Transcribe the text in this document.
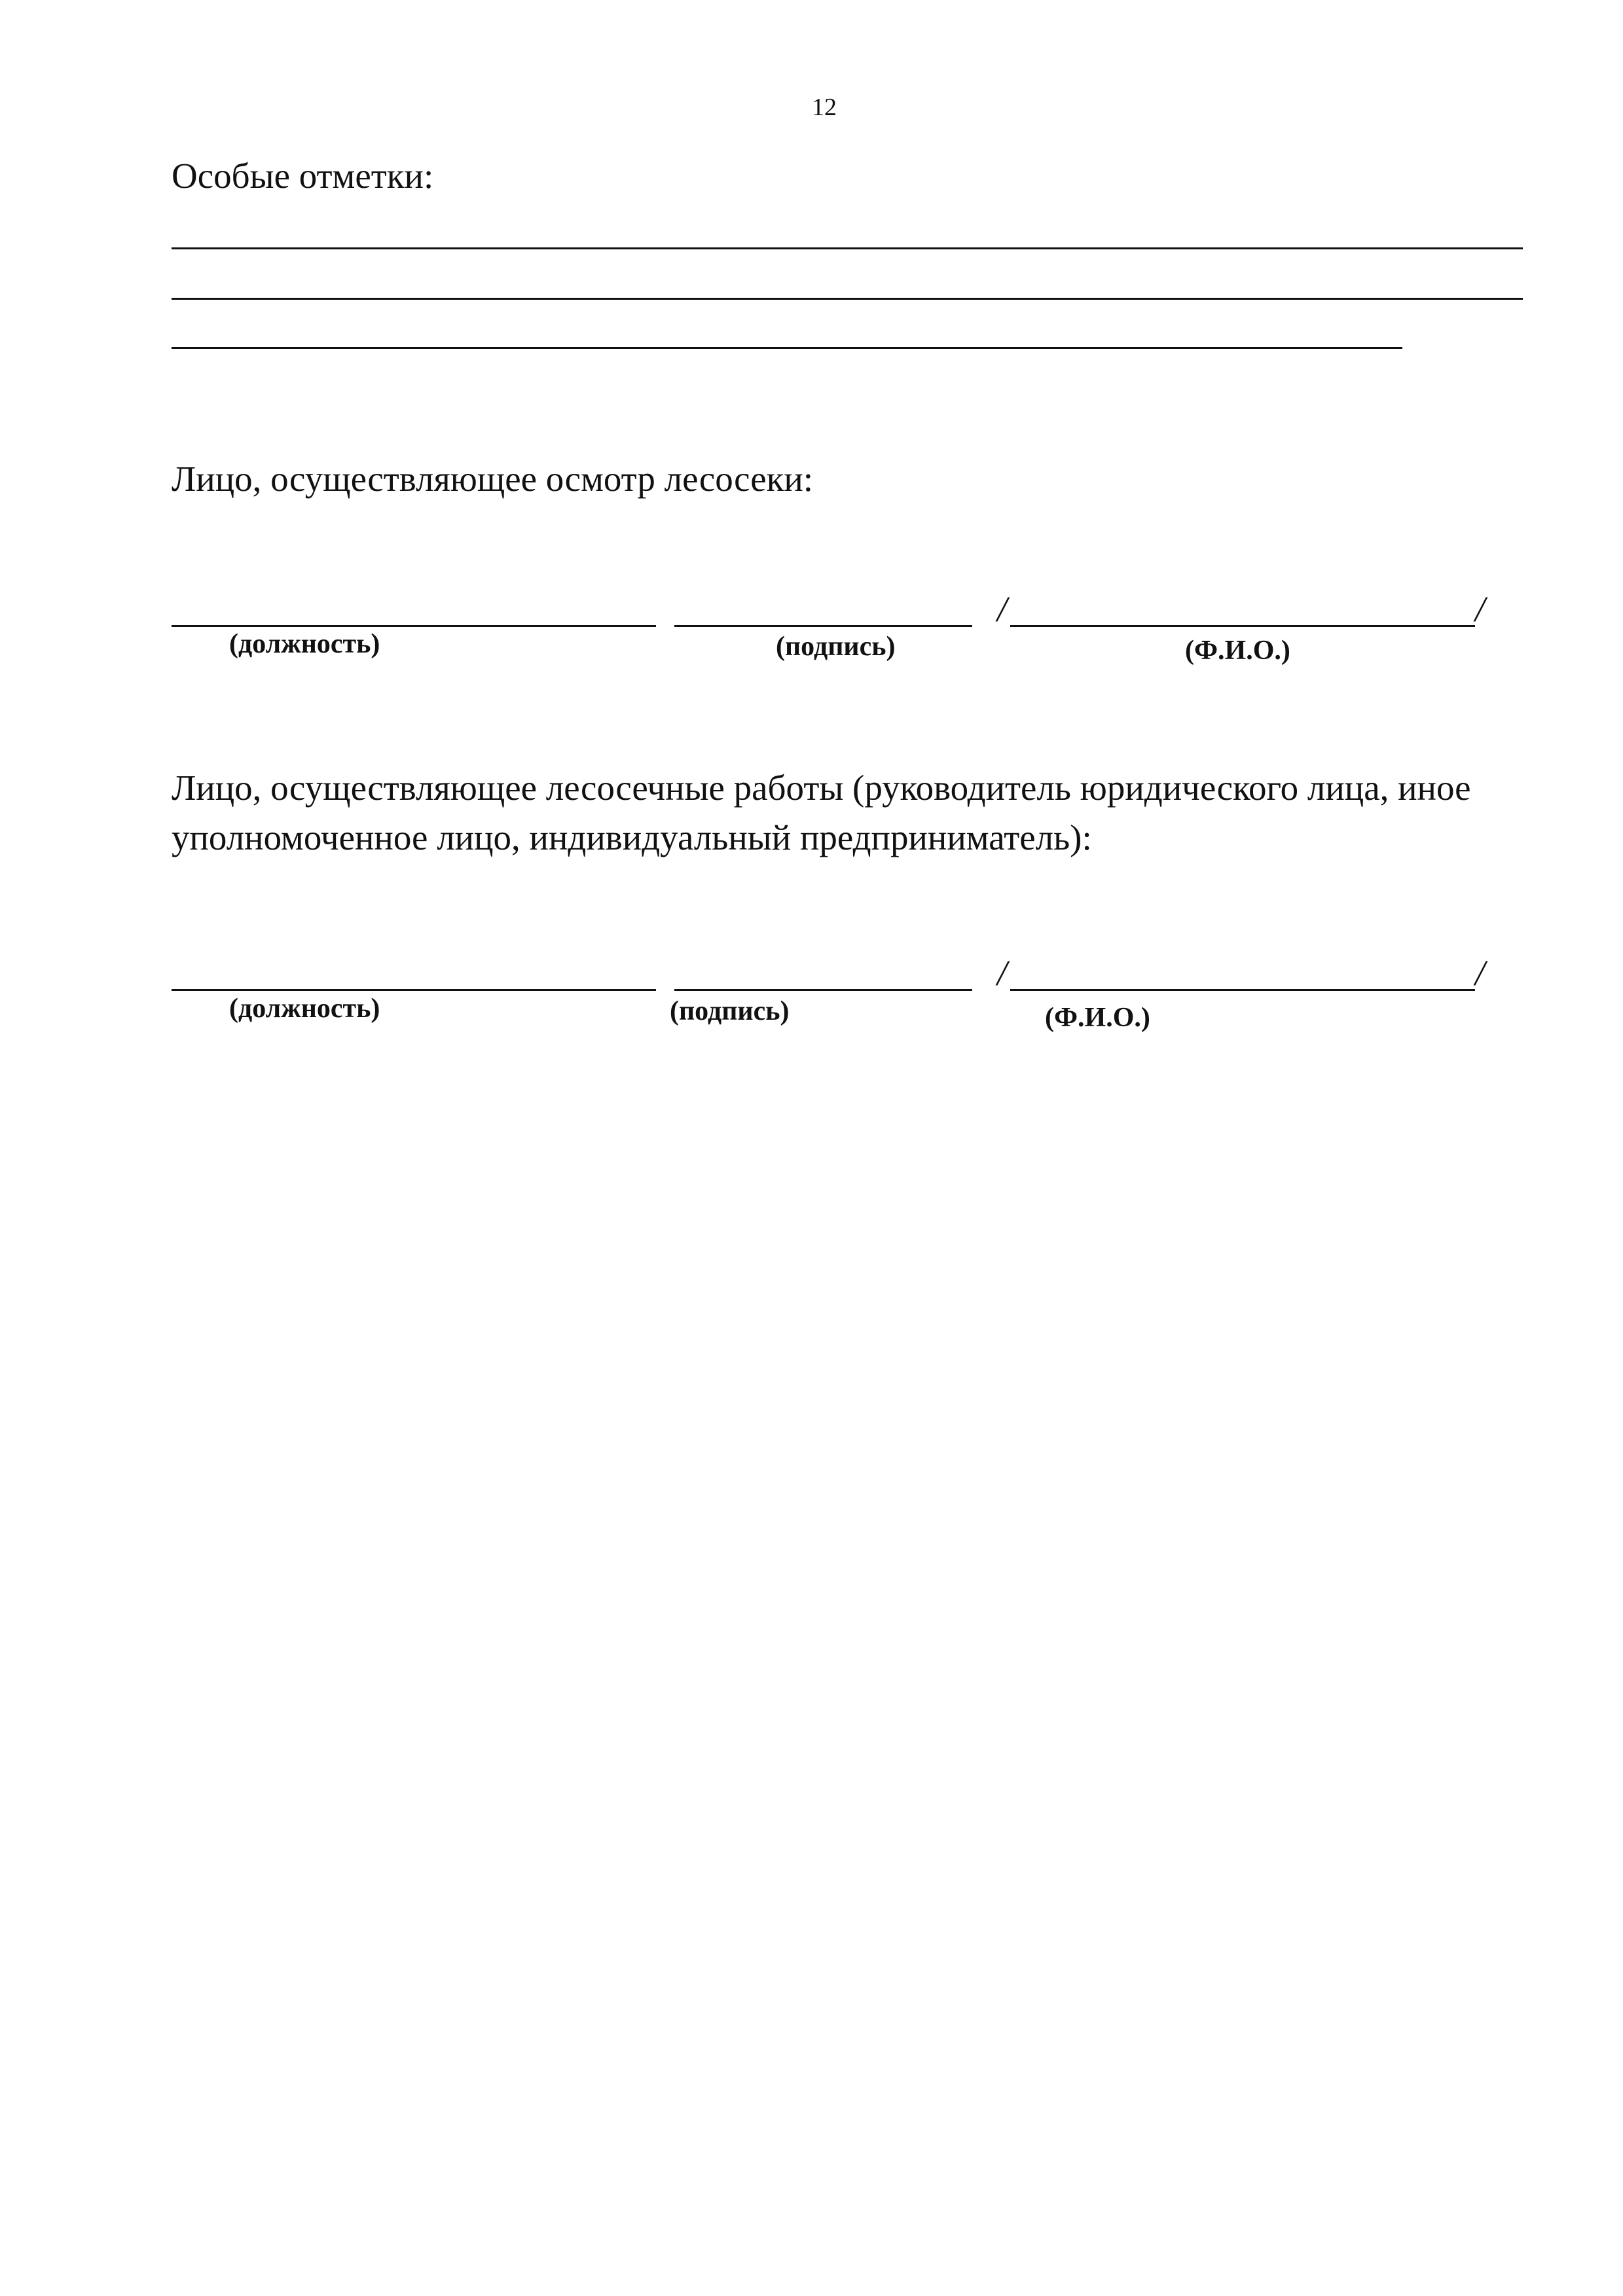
12
Особые отметки:
Лицо, осуществляющее осмотр лесосеки:
/	/
(должность)	(подпись)	(Ф.И.О.)
Лицо, осуществляющее лесосечные работы (руководитель юридического лица, иное уполномоченное лицо, индивидуальный предприниматель):
/	/
(должность)	(подпись)	(Ф.И.О.)
